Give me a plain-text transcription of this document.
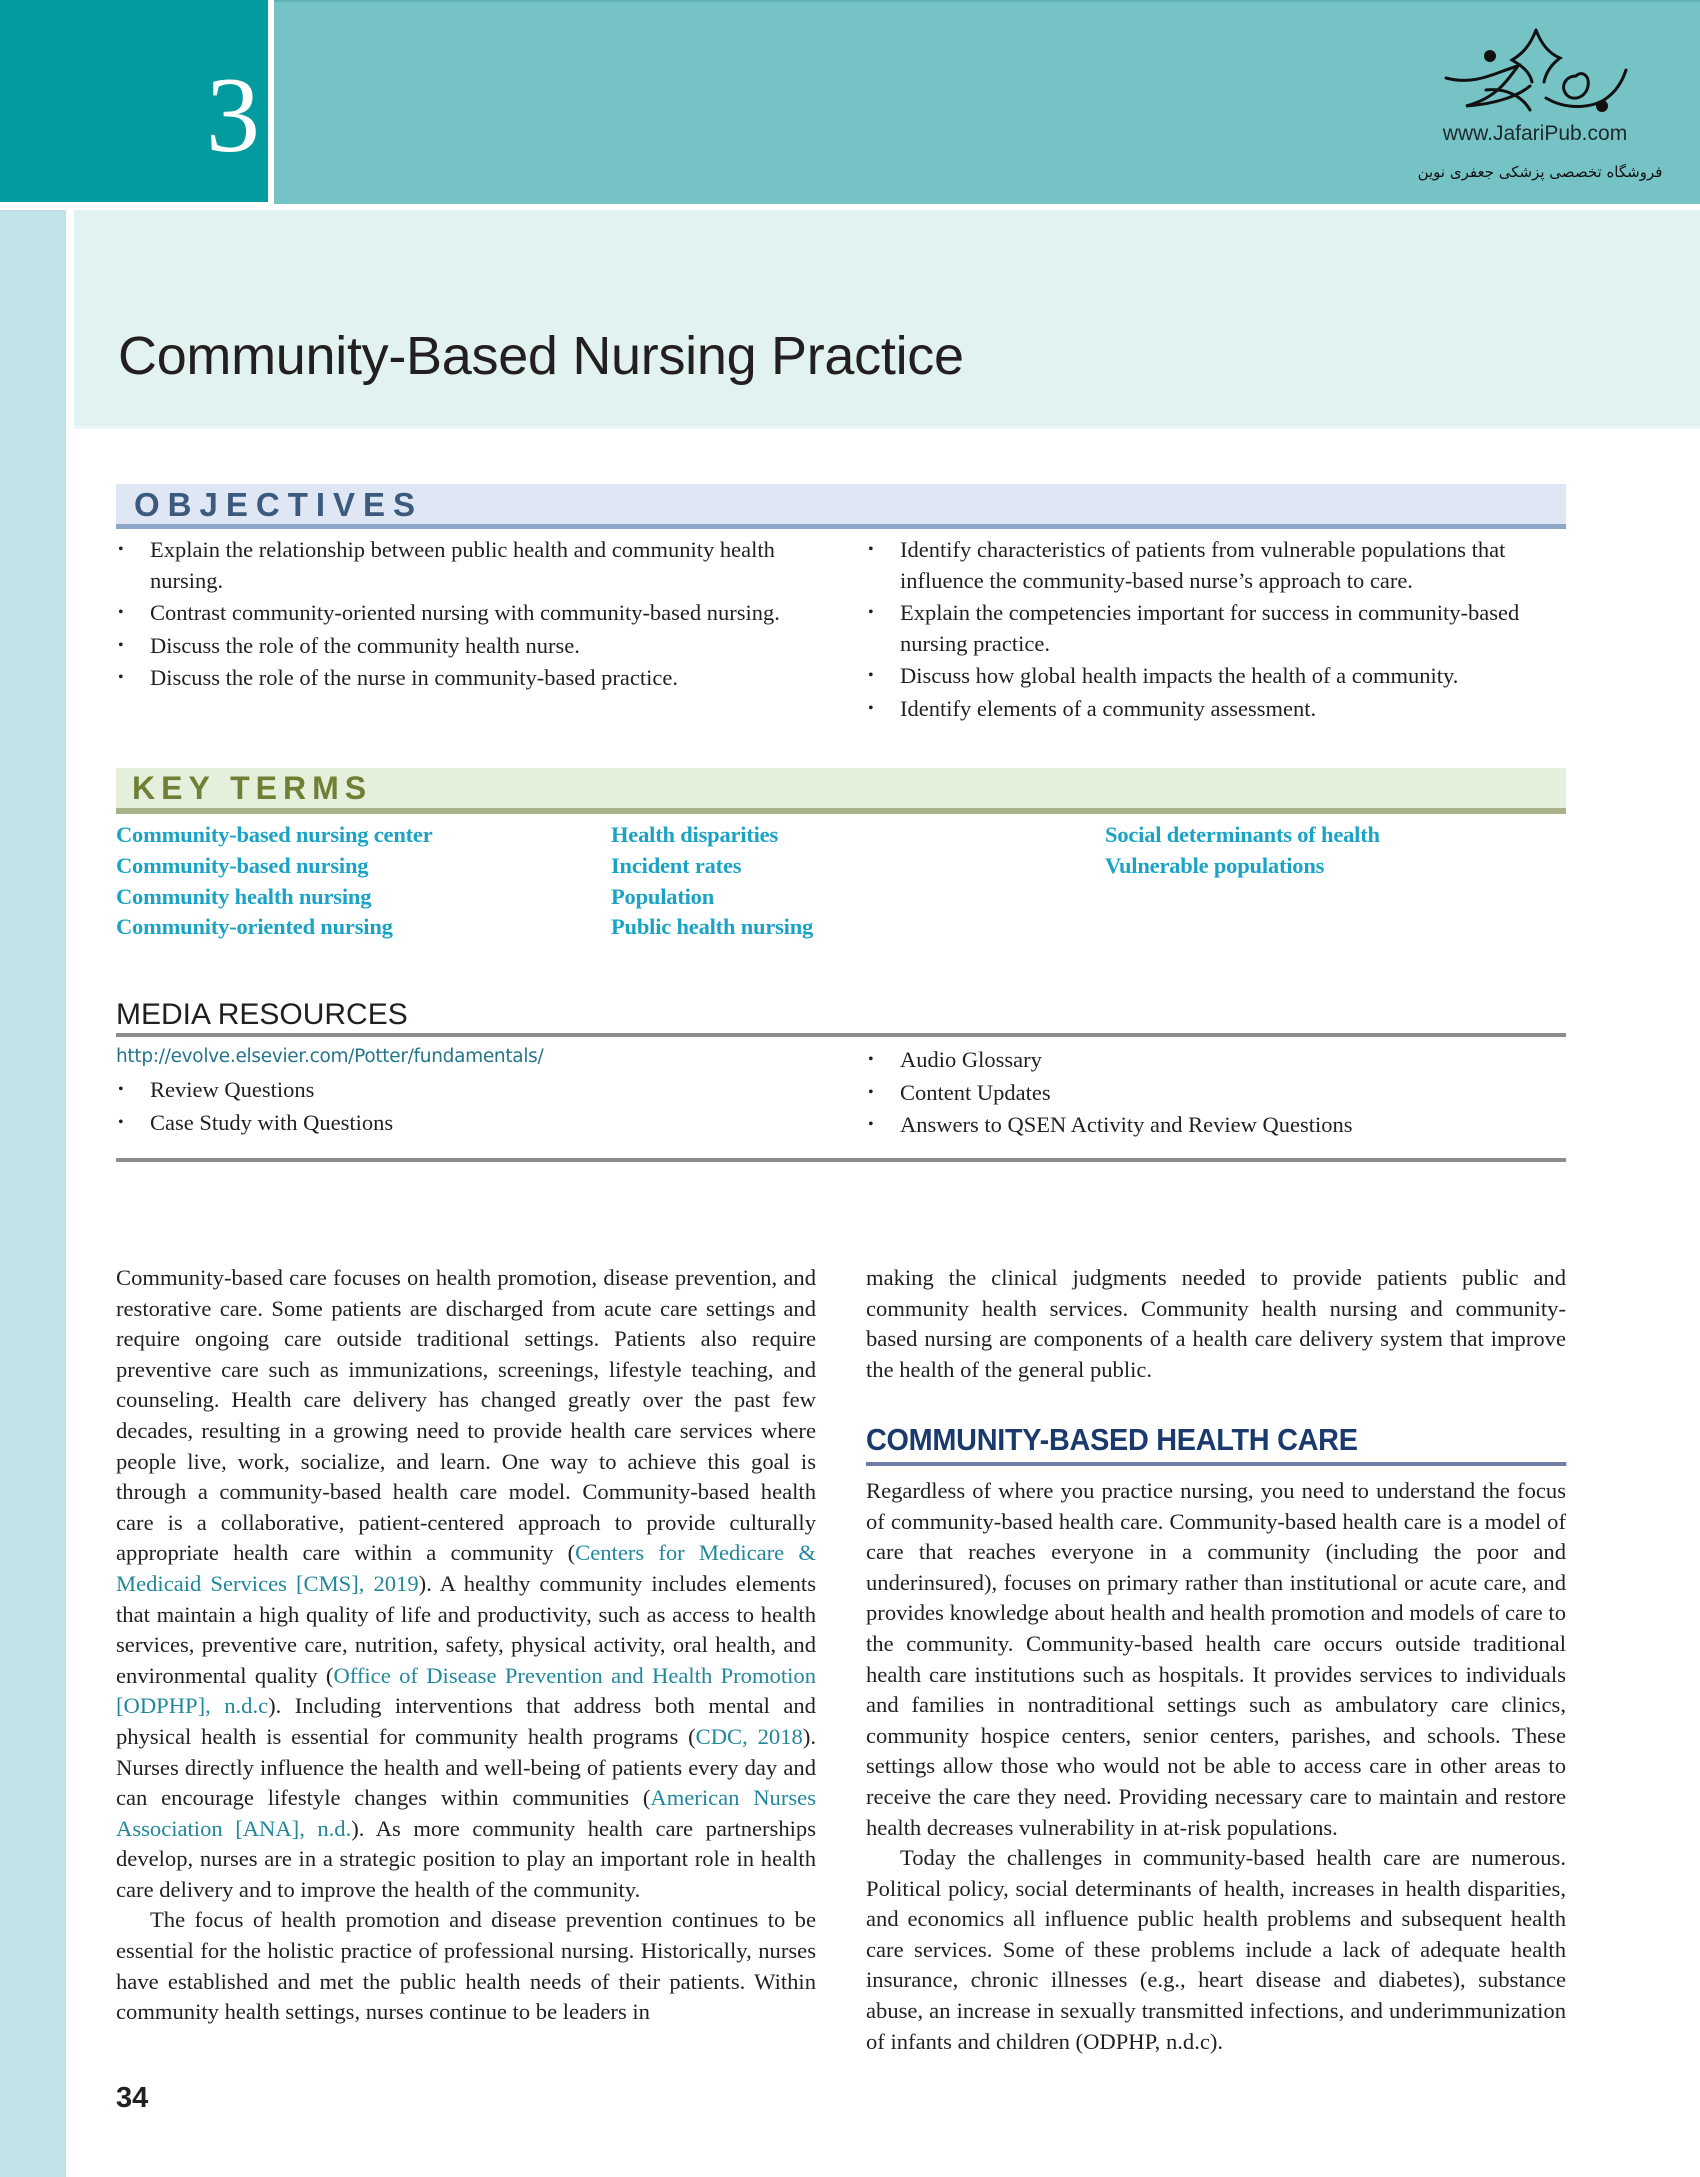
3	www.JafariPub.com
فروشگاه تخصصی پزشکی جعفری نوین
Community-Based Nursing Practice
OBJECTIVES
• Explain the relationship between public health and community health nursing.
• Contrast community-oriented nursing with community-based nursing.
• Discuss the role of the community health nurse.
• Discuss the role of the nurse in community-based practice.
• Identify characteristics of patients from vulnerable populations that influence the community-based nurse’s approach to care.
• Explain the competencies important for success in community-based nursing practice.
• Discuss how global health impacts the health of a community.
• Identify elements of a community assessment.
KEY TERMS
Community-based nursing center
Community-based nursing
Community health nursing
Community-oriented nursing
Health disparities
Incident rates
Population
Public health nursing
Social determinants of health
Vulnerable populations
MEDIA RESOURCES
http://evolve.elsevier.com/Potter/fundamentals/
• Review Questions
• Case Study with Questions
• Audio Glossary
• Content Updates
• Answers to QSEN Activity and Review Questions

Community-based care focuses on health promotion, disease prevention, and restorative care. Some patients are discharged from acute care settings and require ongoing care outside traditional settings. Patients also require preventive care such as immunizations, screenings, lifestyle teaching, and counseling. Health care delivery has changed greatly over the past few decades, resulting in a growing need to provide health care services where people live, work, socialize, and learn. One way to achieve this goal is through a community-based health care model. Community-based health care is a collaborative, patient-centered approach to provide culturally appropriate health care within a community (Centers for Medicare & Medicaid Services [CMS], 2019). A healthy community includes elements that maintain a high quality of life and productivity, such as access to health services, preventive care, nutrition, safety, physical activity, oral health, and environmental quality (Office of Disease Prevention and Health Promotion [ODPHP], n.d.c). Including interventions that address both mental and physical health is essential for community health programs (CDC, 2018). Nurses directly influence the health and well-being of patients every day and can encourage lifestyle changes within communities (American Nurses Association [ANA], n.d.). As more community health care partnerships develop, nurses are in a strategic position to play an important role in health care delivery and to improve the health of the community.

The focus of health promotion and disease prevention continues to be essential for the holistic practice of professional nursing. Historically, nurses have established and met the public health needs of their patients. Within community health settings, nurses continue to be leaders in

making the clinical judgments needed to provide patients public and community health services. Community health nursing and community-based nursing are components of a health care delivery system that improve the health of the general public.

COMMUNITY-BASED HEALTH CARE

Regardless of where you practice nursing, you need to understand the focus of community-based health care. Community-based health care is a model of care that reaches everyone in a community (including the poor and underinsured), focuses on primary rather than institutional or acute care, and provides knowledge about health and health promotion and models of care to the community. Community-based health care occurs outside traditional health care institutions such as hospitals. It provides services to individuals and families in nontraditional settings such as ambulatory care clinics, community hospice centers, senior centers, parishes, and schools. These settings allow those who would not be able to access care in other areas to receive the care they need. Providing necessary care to maintain and restore health decreases vulnerability in at-risk populations.

Today the challenges in community-based health care are numerous. Political policy, social determinants of health, increases in health disparities, and economics all influence public health problems and subsequent health care services. Some of these problems include a lack of adequate health insurance, chronic illnesses (e.g., heart disease and diabetes), substance abuse, an increase in sexually transmitted infections, and underimmunization of infants and children (ODPHP, n.d.c).

34
